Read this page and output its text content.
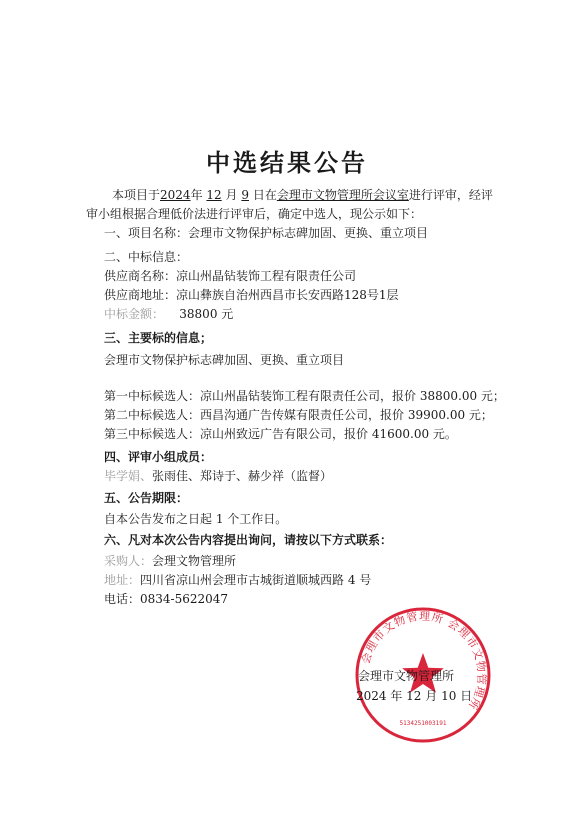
中选结果公告
本项目于2024年 12 月 9 日在会理市文物管理所会议室进行评审，经评
审小组根据合理低价法进行评审后，确定中选人，现公示如下：
一、项目名称：会理市文物保护标志碑加固、更换、重立项目
二、中标信息：
供应商名称：凉山州晶钻装饰工程有限责任公司
供应商地址：凉山彝族自治州西昌市长安西路128号1层
中标金额： 38800 元
三、主要标的信息；
会理市文物保护标志碑加固、更换、重立项目
第一中标候选人：凉山州晶钻装饰工程有限责任公司，报价 38800.00 元；
第二中标候选人：西昌沟通广告传媒有限责任公司，报价 39900.00 元；
第三中标候选人：凉山州致远广告有限公司，报价 41600.00 元。
四、评审小组成员：
毕学娟、张雨佳、郑诗于、赫少祥（监督）
五、公告期限：
自本公告发布之日起 1 个工作日。
六、凡对本次公告内容提出询问，请按以下方式联系：
采购人：会理文物管理所
地址：四川省凉山州会理市古城街道顺城西路 4 号
电话：0834-5622047
会理市文物管理所 会理市文物管理所
5134251003191
会理市文物管理所
2024 年 12 月 10 日
